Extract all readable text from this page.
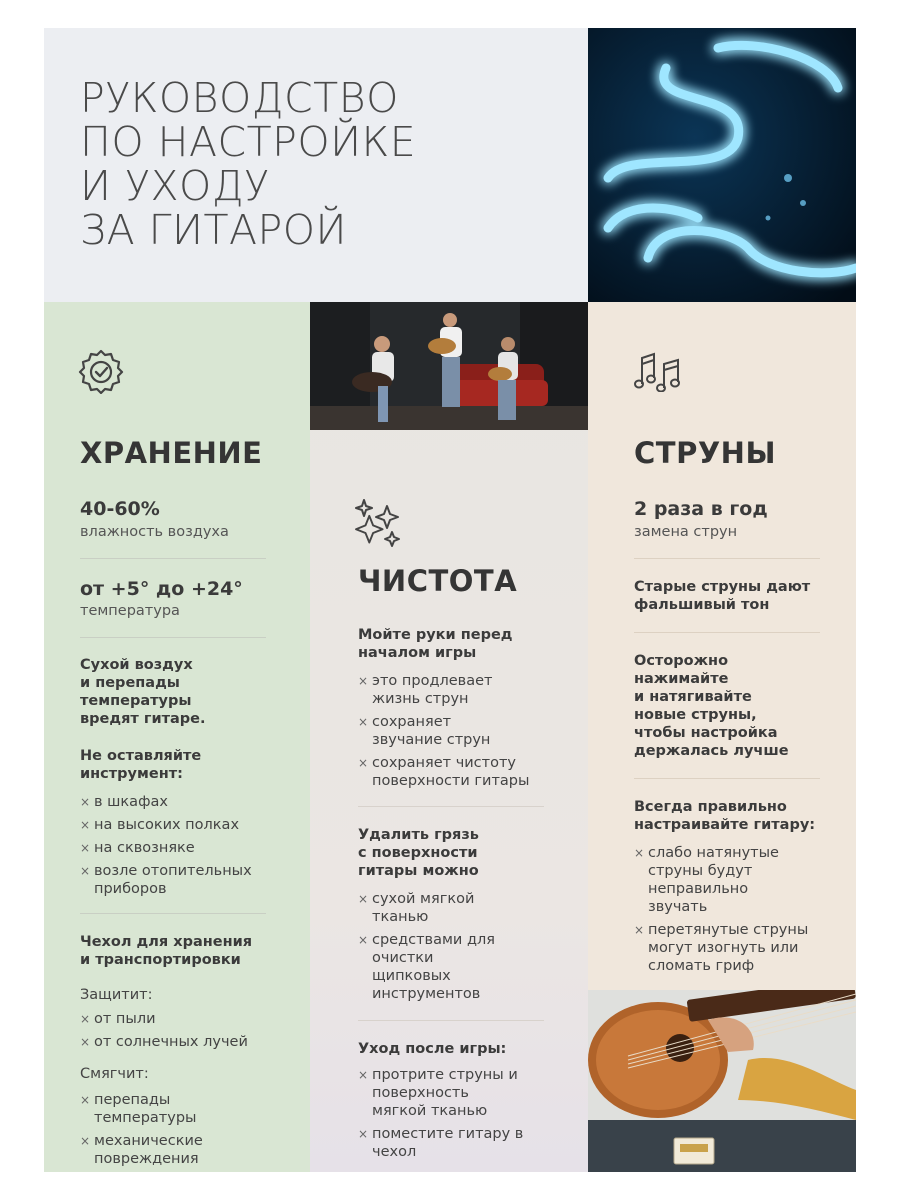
РУКОВОДСТВО
ПО НАСТРОЙКЕ
И УХОДУ
ЗА ГИТАРОЙ
ХРАНЕНИЕ
40-60%
влажность воздуха
от +5° до +24°
температура
Сухой воздух
и перепады
температуры
вредят гитаре.
Не оставляйте
инструмент:
× в шкафах
× на высоких полках
× на сквозняке
× возле отопительных приборов
Чехол для хранения
и транспортировки
Защитит:
× от пыли
× от солнечных лучей
Смягчит:
× перепады температуры
× механические повреждения
ЧИСТОТА
Мойте руки перед
началом игры
× это продлевает жизнь струн
× сохраняет звучание струн
× сохраняет чистоту поверхности гитары
Удалить грязь
с поверхности
гитары можно
× сухой мягкой тканью
× средствами для очистки щипковых инструментов
Уход после игры:
× протрите струны и поверхность мягкой тканью
× поместите гитару в чехол
СТРУНЫ
2 раза в год
замена струн
Старые струны дают
фальшивый тон
Осторожно
нажимайте
и натягивайте
новые струны,
чтобы настройка
держалась лучше
Всегда правильно
настраивайте гитару:
× слабо натянутые струны будут неправильно звучать
× перетянутые струны могут изогнуть или сломать гриф
